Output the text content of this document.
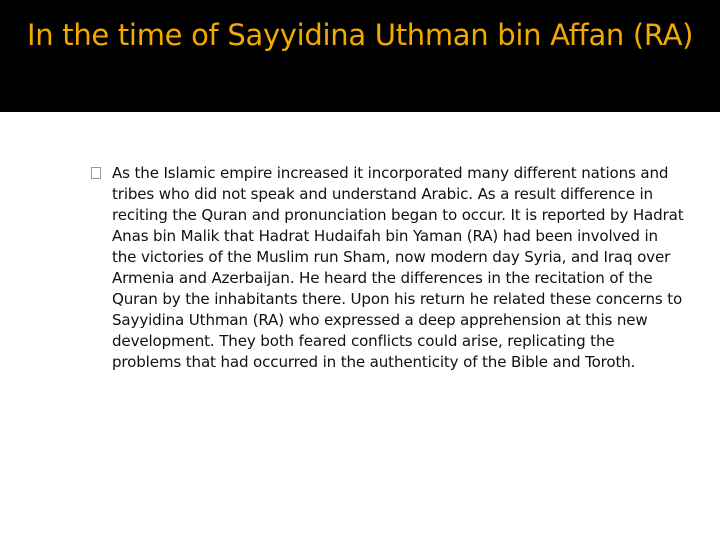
In the time of Sayyidina Uthman bin Affan (RA)

As the Islamic empire increased it incorporated many different nations and tribes who did not speak and understand Arabic. As a result difference in reciting the Quran and pronunciation began to occur. It is reported by Hadrat Anas bin Malik that Hadrat Hudaifah bin Yaman (RA) had been involved in the victories of the Muslim run Sham, now modern day Syria, and Iraq over Armenia and Azerbaijan. He heard the differences in the recitation of the Quran by the inhabitants there. Upon his return he related these concerns to Sayyidina Uthman (RA) who expressed a deep apprehension at this new development. They both feared conflicts could arise, replicating the problems that had occurred in the authenticity of the Bible and Toroth.
